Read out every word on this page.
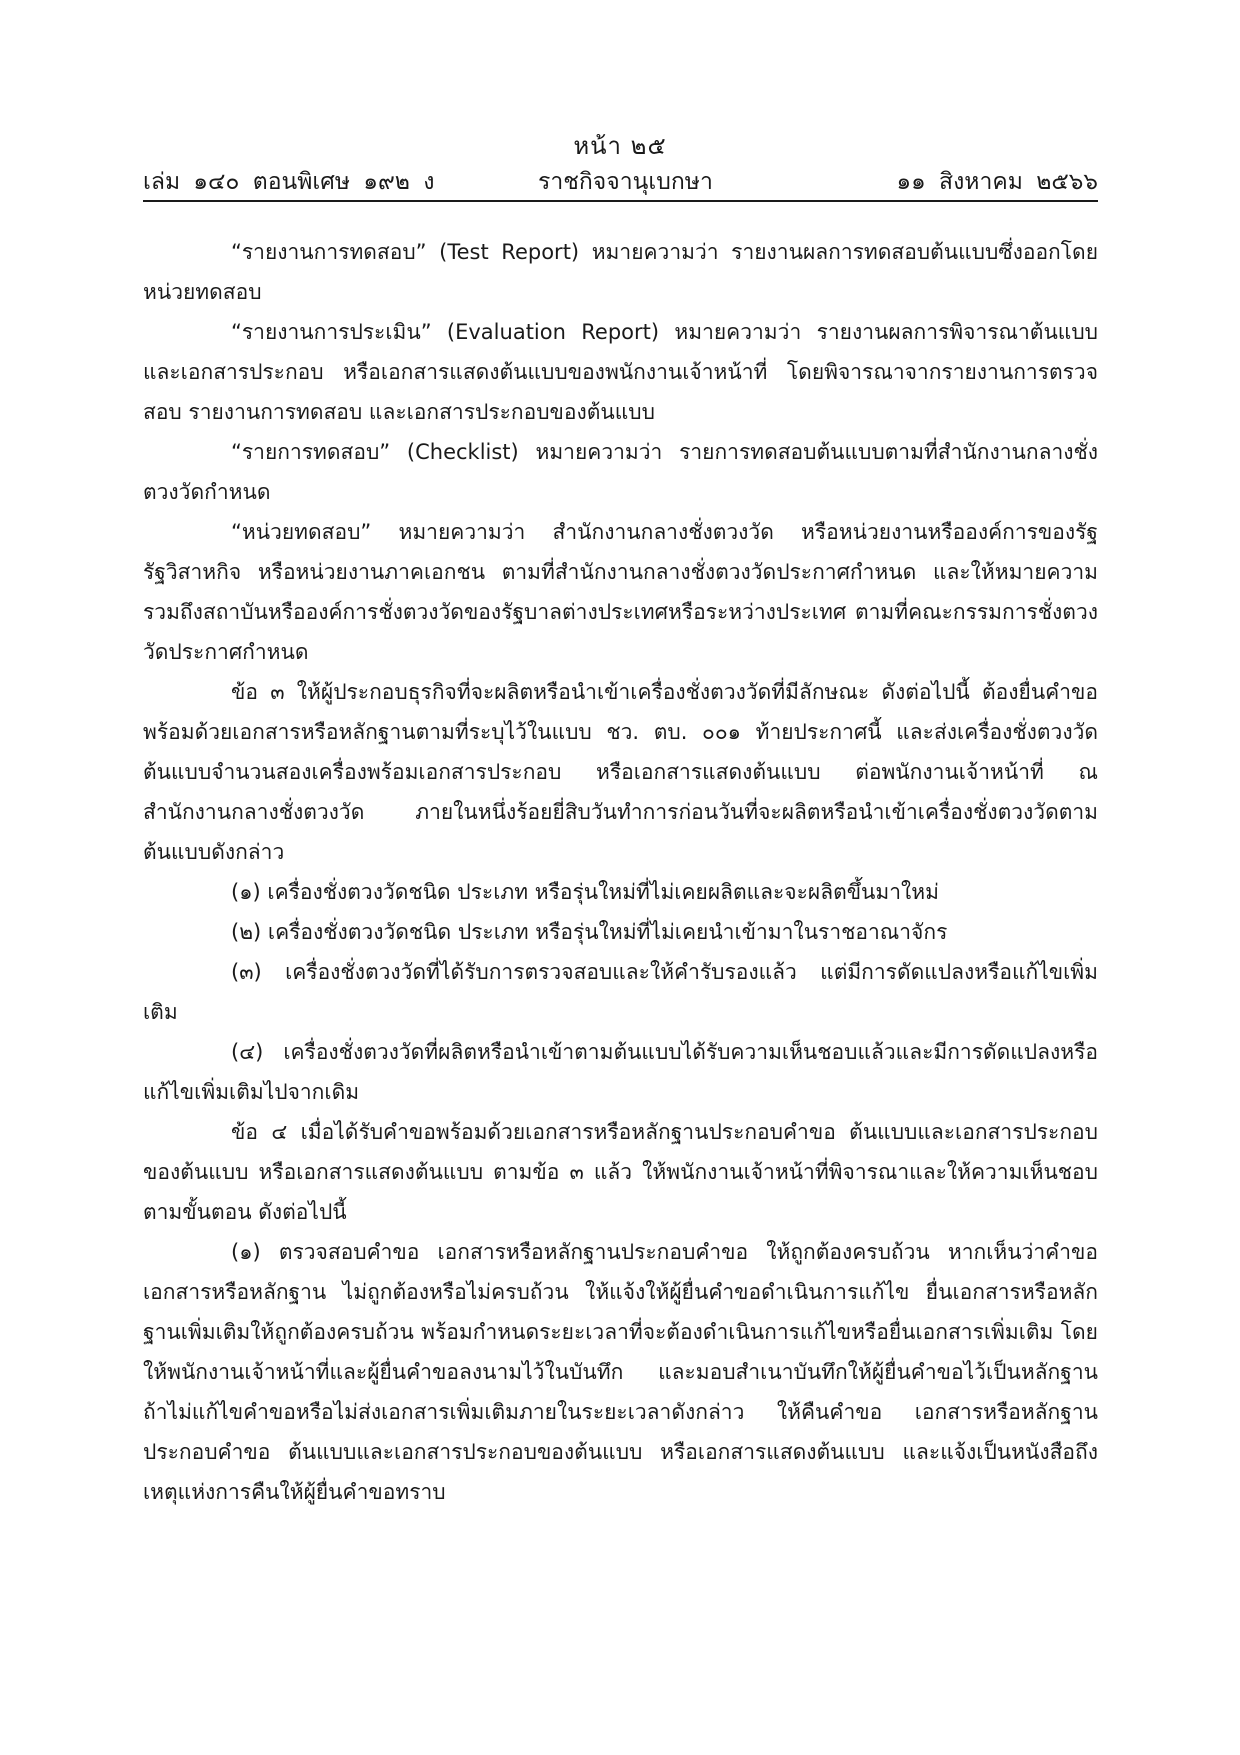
หน้า ๒๕
เล่ม ๑๔๐ ตอนพิเศษ ๑๙๒ ง	ราชกิจจานุเบกษา	๑๑ สิงหาคม ๒๕๖๖

“รายงานการทดสอบ” (Test Report) หมายความว่า รายงานผลการทดสอบต้นแบบซึ่งออกโดยหน่วยทดสอบ

“รายงานการประเมิน” (Evaluation Report) หมายความว่า รายงานผลการพิจารณาต้นแบบและเอกสารประกอบ หรือเอกสารแสดงต้นแบบของพนักงานเจ้าหน้าที่ โดยพิจารณาจากรายงานการตรวจสอบ รายงานการทดสอบ และเอกสารประกอบของต้นแบบ

“รายการทดสอบ” (Checklist) หมายความว่า รายการทดสอบต้นแบบตามที่สำนักงานกลางชั่งตวงวัดกำหนด

“หน่วยทดสอบ” หมายความว่า สำนักงานกลางชั่งตวงวัด หรือหน่วยงานหรือองค์การของรัฐ รัฐวิสาหกิจ หรือหน่วยงานภาคเอกชน ตามที่สำนักงานกลางชั่งตวงวัดประกาศกำหนด และให้หมายความรวมถึงสถาบันหรือองค์การชั่งตวงวัดของรัฐบาลต่างประเทศหรือระหว่างประเทศ ตามที่คณะกรรมการชั่งตวงวัดประกาศกำหนด

ข้อ ๓ ให้ผู้ประกอบธุรกิจที่จะผลิตหรือนำเข้าเครื่องชั่งตวงวัดที่มีลักษณะ ดังต่อไปนี้ ต้องยื่นคำขอพร้อมด้วยเอกสารหรือหลักฐานตามที่ระบุไว้ในแบบ ชว. ตบ. ๐๐๑ ท้ายประกาศนี้ และส่งเครื่องชั่งตวงวัดต้นแบบจำนวนสองเครื่องพร้อมเอกสารประกอบ หรือเอกสารแสดงต้นแบบ ต่อพนักงานเจ้าหน้าที่ ณ สำนักงานกลางชั่งตวงวัด ภายในหนึ่งร้อยยี่สิบวันทำการก่อนวันที่จะผลิตหรือนำเข้าเครื่องชั่งตวงวัดตามต้นแบบดังกล่าว

(๑) เครื่องชั่งตวงวัดชนิด ประเภท หรือรุ่นใหม่ที่ไม่เคยผลิตและจะผลิตขึ้นมาใหม่

(๒) เครื่องชั่งตวงวัดชนิด ประเภท หรือรุ่นใหม่ที่ไม่เคยนำเข้ามาในราชอาณาจักร

(๓) เครื่องชั่งตวงวัดที่ได้รับการตรวจสอบและให้คำรับรองแล้ว แต่มีการดัดแปลงหรือแก้ไขเพิ่มเติม

(๔) เครื่องชั่งตวงวัดที่ผลิตหรือนำเข้าตามต้นแบบได้รับความเห็นชอบแล้วและมีการดัดแปลงหรือแก้ไขเพิ่มเติมไปจากเดิม

ข้อ ๔ เมื่อได้รับคำขอพร้อมด้วยเอกสารหรือหลักฐานประกอบคำขอ ต้นแบบและเอกสารประกอบของต้นแบบ หรือเอกสารแสดงต้นแบบ ตามข้อ ๓ แล้ว ให้พนักงานเจ้าหน้าที่พิจารณาและให้ความเห็นชอบ ตามขั้นตอน ดังต่อไปนี้

(๑) ตรวจสอบคำขอ เอกสารหรือหลักฐานประกอบคำขอ ให้ถูกต้องครบถ้วน หากเห็นว่าคำขอ เอกสารหรือหลักฐาน ไม่ถูกต้องหรือไม่ครบถ้วน ให้แจ้งให้ผู้ยื่นคำขอดำเนินการแก้ไข ยื่นเอกสารหรือหลักฐานเพิ่มเติมให้ถูกต้องครบถ้วน พร้อมกำหนดระยะเวลาที่จะต้องดำเนินการแก้ไขหรือยื่นเอกสารเพิ่มเติม โดยให้พนักงานเจ้าหน้าที่และผู้ยื่นคำขอลงนามไว้ในบันทึก และมอบสำเนาบันทึกให้ผู้ยื่นคำขอไว้เป็นหลักฐาน ถ้าไม่แก้ไขคำขอหรือไม่ส่งเอกสารเพิ่มเติมภายในระยะเวลาดังกล่าว ให้คืนคำขอ เอกสารหรือหลักฐานประกอบคำขอ ต้นแบบและเอกสารประกอบของต้นแบบ หรือเอกสารแสดงต้นแบบ และแจ้งเป็นหนังสือถึงเหตุแห่งการคืนให้ผู้ยื่นคำขอทราบ
